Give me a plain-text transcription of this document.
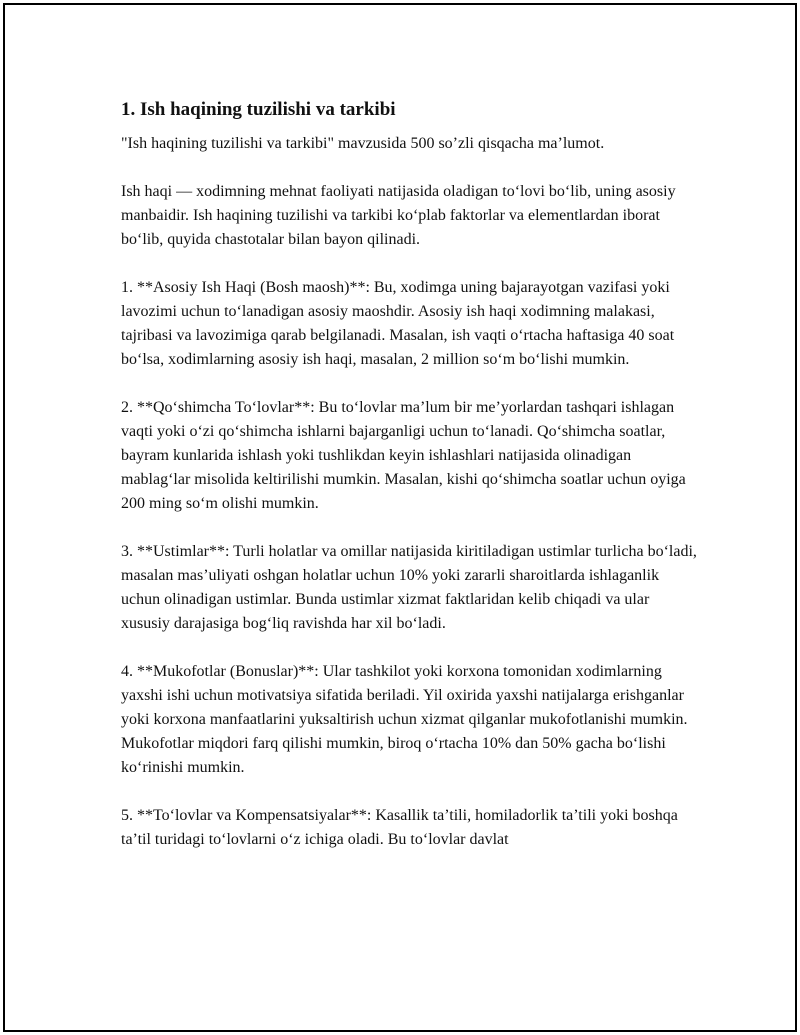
1. Ish haqining tuzilishi va tarkibi

"Ish haqining tuzilishi va tarkibi" mavzusida 500 so’zli qisqacha ma’lumot.

Ish haqi — xodimning mehnat faoliyati natijasida oladigan to‘lovi bo‘lib, uning asosiy manbaidir. Ish haqining tuzilishi va tarkibi ko‘plab faktorlar va elementlardan iborat bo‘lib, quyida chastotalar bilan bayon qilinadi.

1. **Asosiy Ish Haqi (Bosh maosh)**: Bu, xodimga uning bajarayotgan vazifasi yoki lavozimi uchun to‘lanadigan asosiy maoshdir. Asosiy ish haqi xodimning malakasi, tajribasi va lavozimiga qarab belgilanadi. Masalan, ish vaqti o‘rtacha haftasiga 40 soat bo‘lsa, xodimlarning asosiy ish haqi, masalan, 2 million so‘m bo‘lishi mumkin.

2. **Qo‘shimcha To‘lovlar**: Bu to‘lovlar ma’lum bir me’yorlardan tashqari ishlagan vaqti yoki o‘zi qo‘shimcha ishlarni bajarganligi uchun to‘lanadi. Qo‘shimcha soatlar, bayram kunlarida ishlash yoki tushlikdan keyin ishlashlari natijasida olinadigan mablag‘lar misolida keltirilishi mumkin. Masalan, kishi qo‘shimcha soatlar uchun oyiga 200 ming so‘m olishi mumkin.

3. **Ustimlar**: Turli holatlar va omillar natijasida kiritiladigan ustimlar turlicha bo‘ladi, masalan mas’uliyati oshgan holatlar uchun 10% yoki zararli sharoitlarda ishlaganlik uchun olinadigan ustimlar. Bunda ustimlar xizmat faktlaridan kelib chiqadi va ular xususiy darajasiga bog‘liq ravishda har xil bo‘ladi.

4. **Mukofotlar (Bonuslar)**: Ular tashkilot yoki korxona tomonidan xodimlarning yaxshi ishi uchun motivatsiya sifatida beriladi. Yil oxirida yaxshi natijalarga erishganlar yoki korxona manfaatlarini yuksaltirish uchun xizmat qilganlar mukofotlanishi mumkin. Mukofotlar miqdori farq qilishi mumkin, biroq o‘rtacha 10% dan 50% gacha bo‘lishi ko‘rinishi mumkin.

5. **To‘lovlar va Kompensatsiyalar**: Kasallik ta’tili, homiladorlik ta’tili yoki boshqa ta’til turidagi to‘lovlarni o‘z ichiga oladi. Bu to‘lovlar davlat
